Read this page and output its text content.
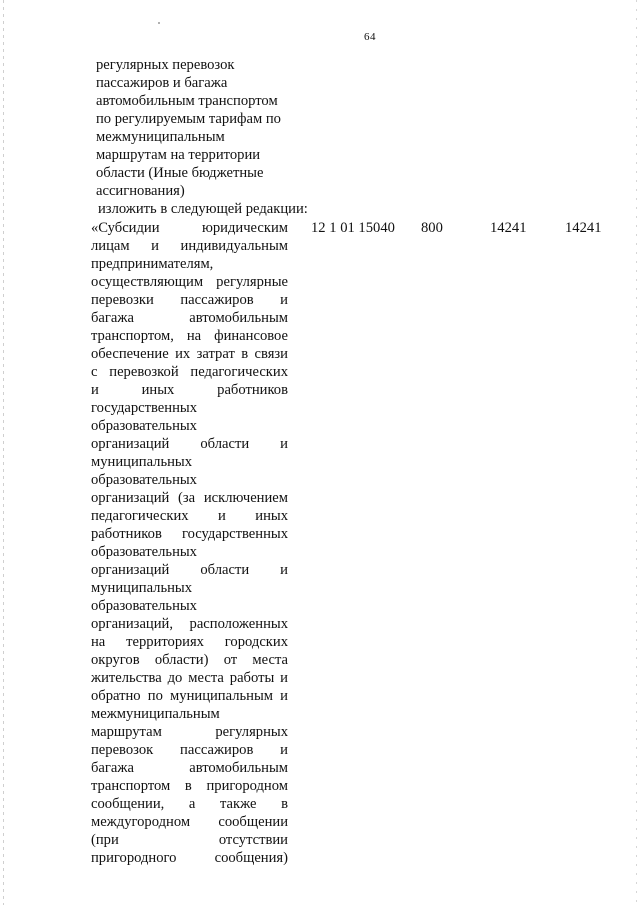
64
регулярных перевозок
пассажиров и багажа
автомобильным транспортом
по регулируемым тарифам по
межмуниципальным
маршрутам на территории
области (Иные бюджетные
ассигнования)
изложить в следующей редакции:
«Субсидии юридическим
лицам и индивидуальным
предпринимателям,
осуществляющим регулярные
перевозки пассажиров и
багажа автомобильным
транспортом, на финансовое
обеспечение их затрат в связи
с перевозкой педагогических
и иных работников
государственных
образовательных
организаций области и
муниципальных
образовательных
организаций (за исключением
педагогических и иных
работников государственных
образовательных
организаций области и
муниципальных
образовательных
организаций, расположенных
на территориях городских
округов области) от места
жительства до места работы и
обратно по муниципальным и
межмуниципальным
маршрутам регулярных
перевозок пассажиров и
багажа автомобильным
транспортом в пригородном
сообщении, а также в
междугородном сообщении
(при отсутствии
пригородного сообщения)
12 1 01 15040 800	14241	14241
